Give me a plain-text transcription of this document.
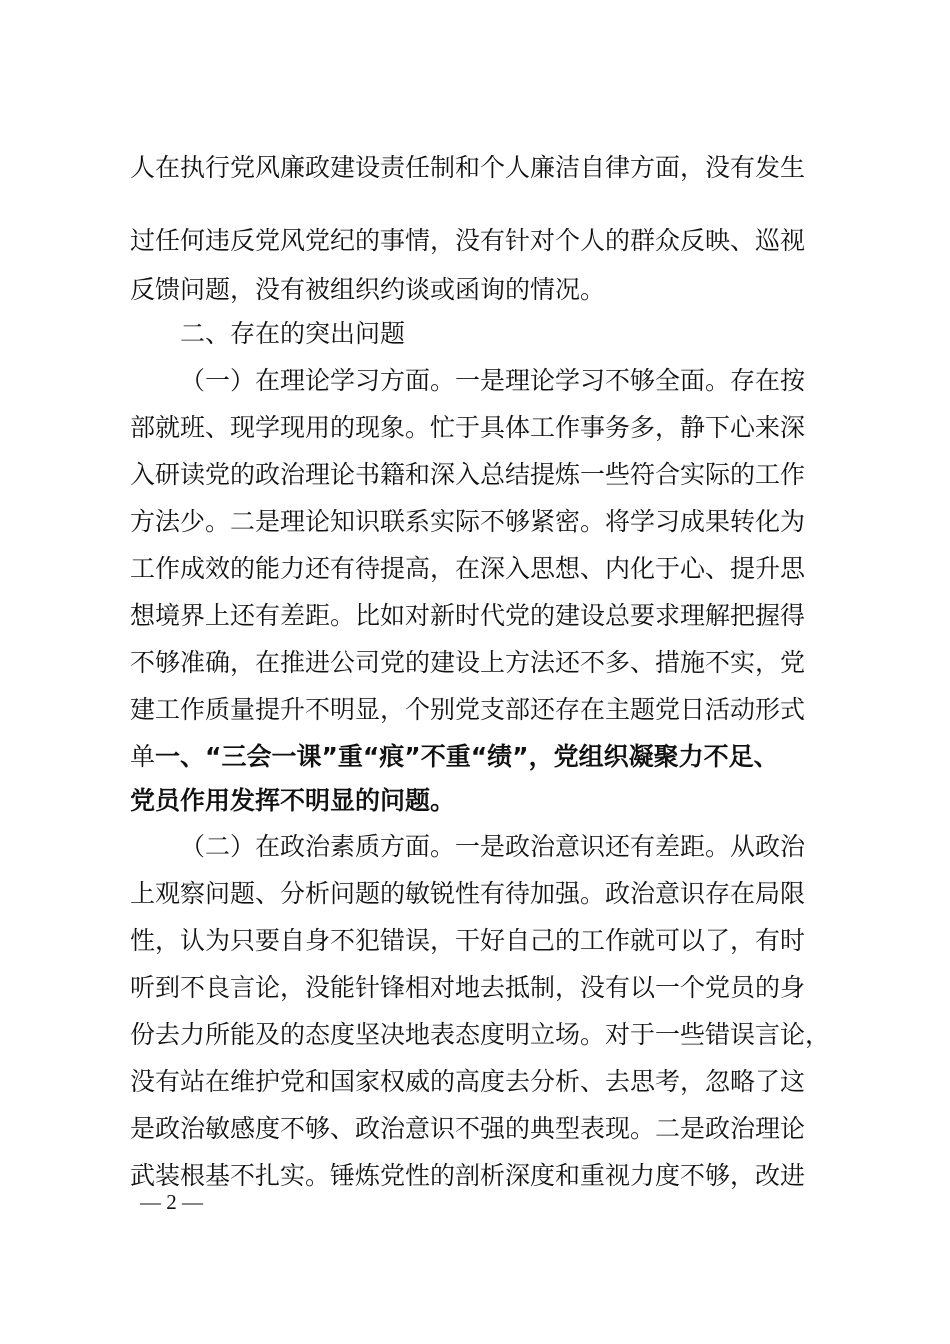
人在执行党风廉政建设责任制和个人廉洁自律方面，没有发生
过任何违反党风党纪的事情，没有针对个人的群众反映、巡视
反馈问题，没有被组织约谈或函询的情况。
二、存在的突出问题
（一）在理论学习方面。一是理论学习不够全面。存在按
部就班、现学现用的现象。忙于具体工作事务多，静下心来深
入研读党的政治理论书籍和深入总结提炼一些符合实际的工作
方法少。二是理论知识联系实际不够紧密。将学习成果转化为
工作成效的能力还有待提高，在深入思想、内化于心、提升思
想境界上还有差距。比如对新时代党的建设总要求理解把握得
不够准确，在推进公司党的建设上方法还不多、措施不实，党
建工作质量提升不明显，个别党支部还存在主题党日活动形式
单一、“三会一课”重“痕”不重“绩”，党组织凝聚力不足、
党员作用发挥不明显的问题。
（二）在政治素质方面。一是政治意识还有差距。从政治
上观察问题、分析问题的敏锐性有待加强。政治意识存在局限
性，认为只要自身不犯错误，干好自己的工作就可以了，有时
听到不良言论，没能针锋相对地去抵制，没有以一个党员的身
份去力所能及的态度坚决地表态度明立场。对于一些错误言论，
没有站在维护党和国家权威的高度去分析、去思考，忽略了这
是政治敏感度不够、政治意识不强的典型表现。二是政治理论
武装根基不扎实。锤炼党性的剖析深度和重视力度不够，改进
— 2 —
